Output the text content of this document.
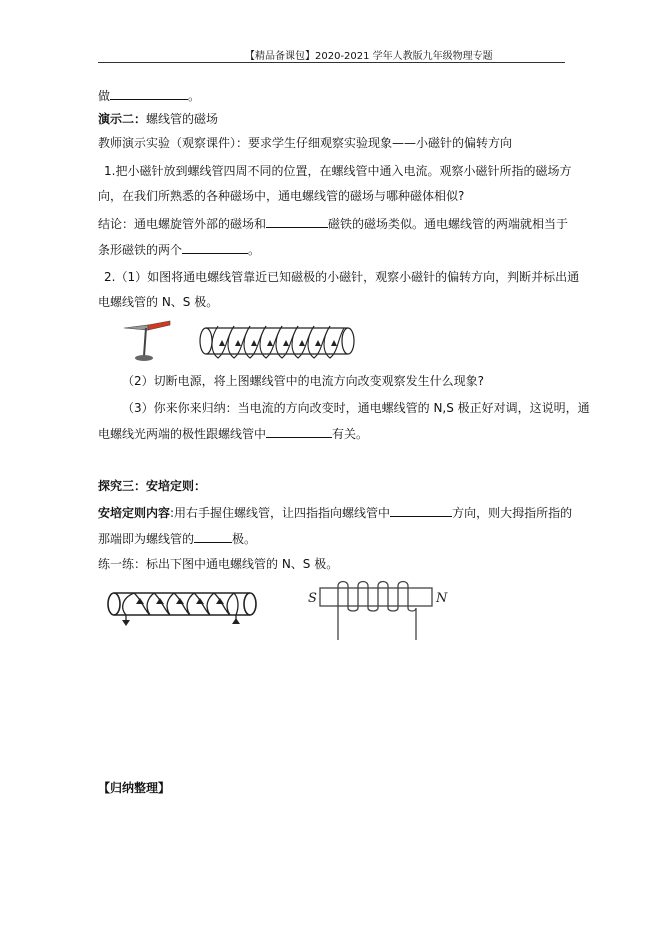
【精品备课包】2020-2021 学年人教版九年级物理专题
做	。
演示二：螺线管的磁场
教师演示实验（观察课件）：要求学生仔细观察实验现象——小磁针的偏转方向
1.把小磁针放到螺线管四周不同的位置，在螺线管中通入电流。观察小磁针所指的磁场方
向，在我们所熟悉的各种磁场中，通电螺线管的磁场与哪种磁体相似?
结论：通电螺旋管外部的磁场和	磁铁的磁场类似。通电螺线管的两端就相当于
条形磁铁的两个	。
2.（1）如图将通电螺线管靠近已知磁极的小磁针，观察小磁针的偏转方向，判断并标出通
电螺线管的 N、S 极。
（2）切断电源，将上图螺线管中的电流方向改变观察发生什么现象?
（3）你来你来归纳：当电流的方向改变时，通电螺线管的 N,S 极正好对调，这说明，通
电螺线光两端的极性跟螺线管中	有关。
探究三：安培定则：
安培定则内容:用右手握住螺线管，让四指指向螺线管中	方向，则大拇指所指的
那端即为螺线管的	极。
练一练：标出下图中通电螺线管的 N、S 极。
S	N
【归纳整理】
